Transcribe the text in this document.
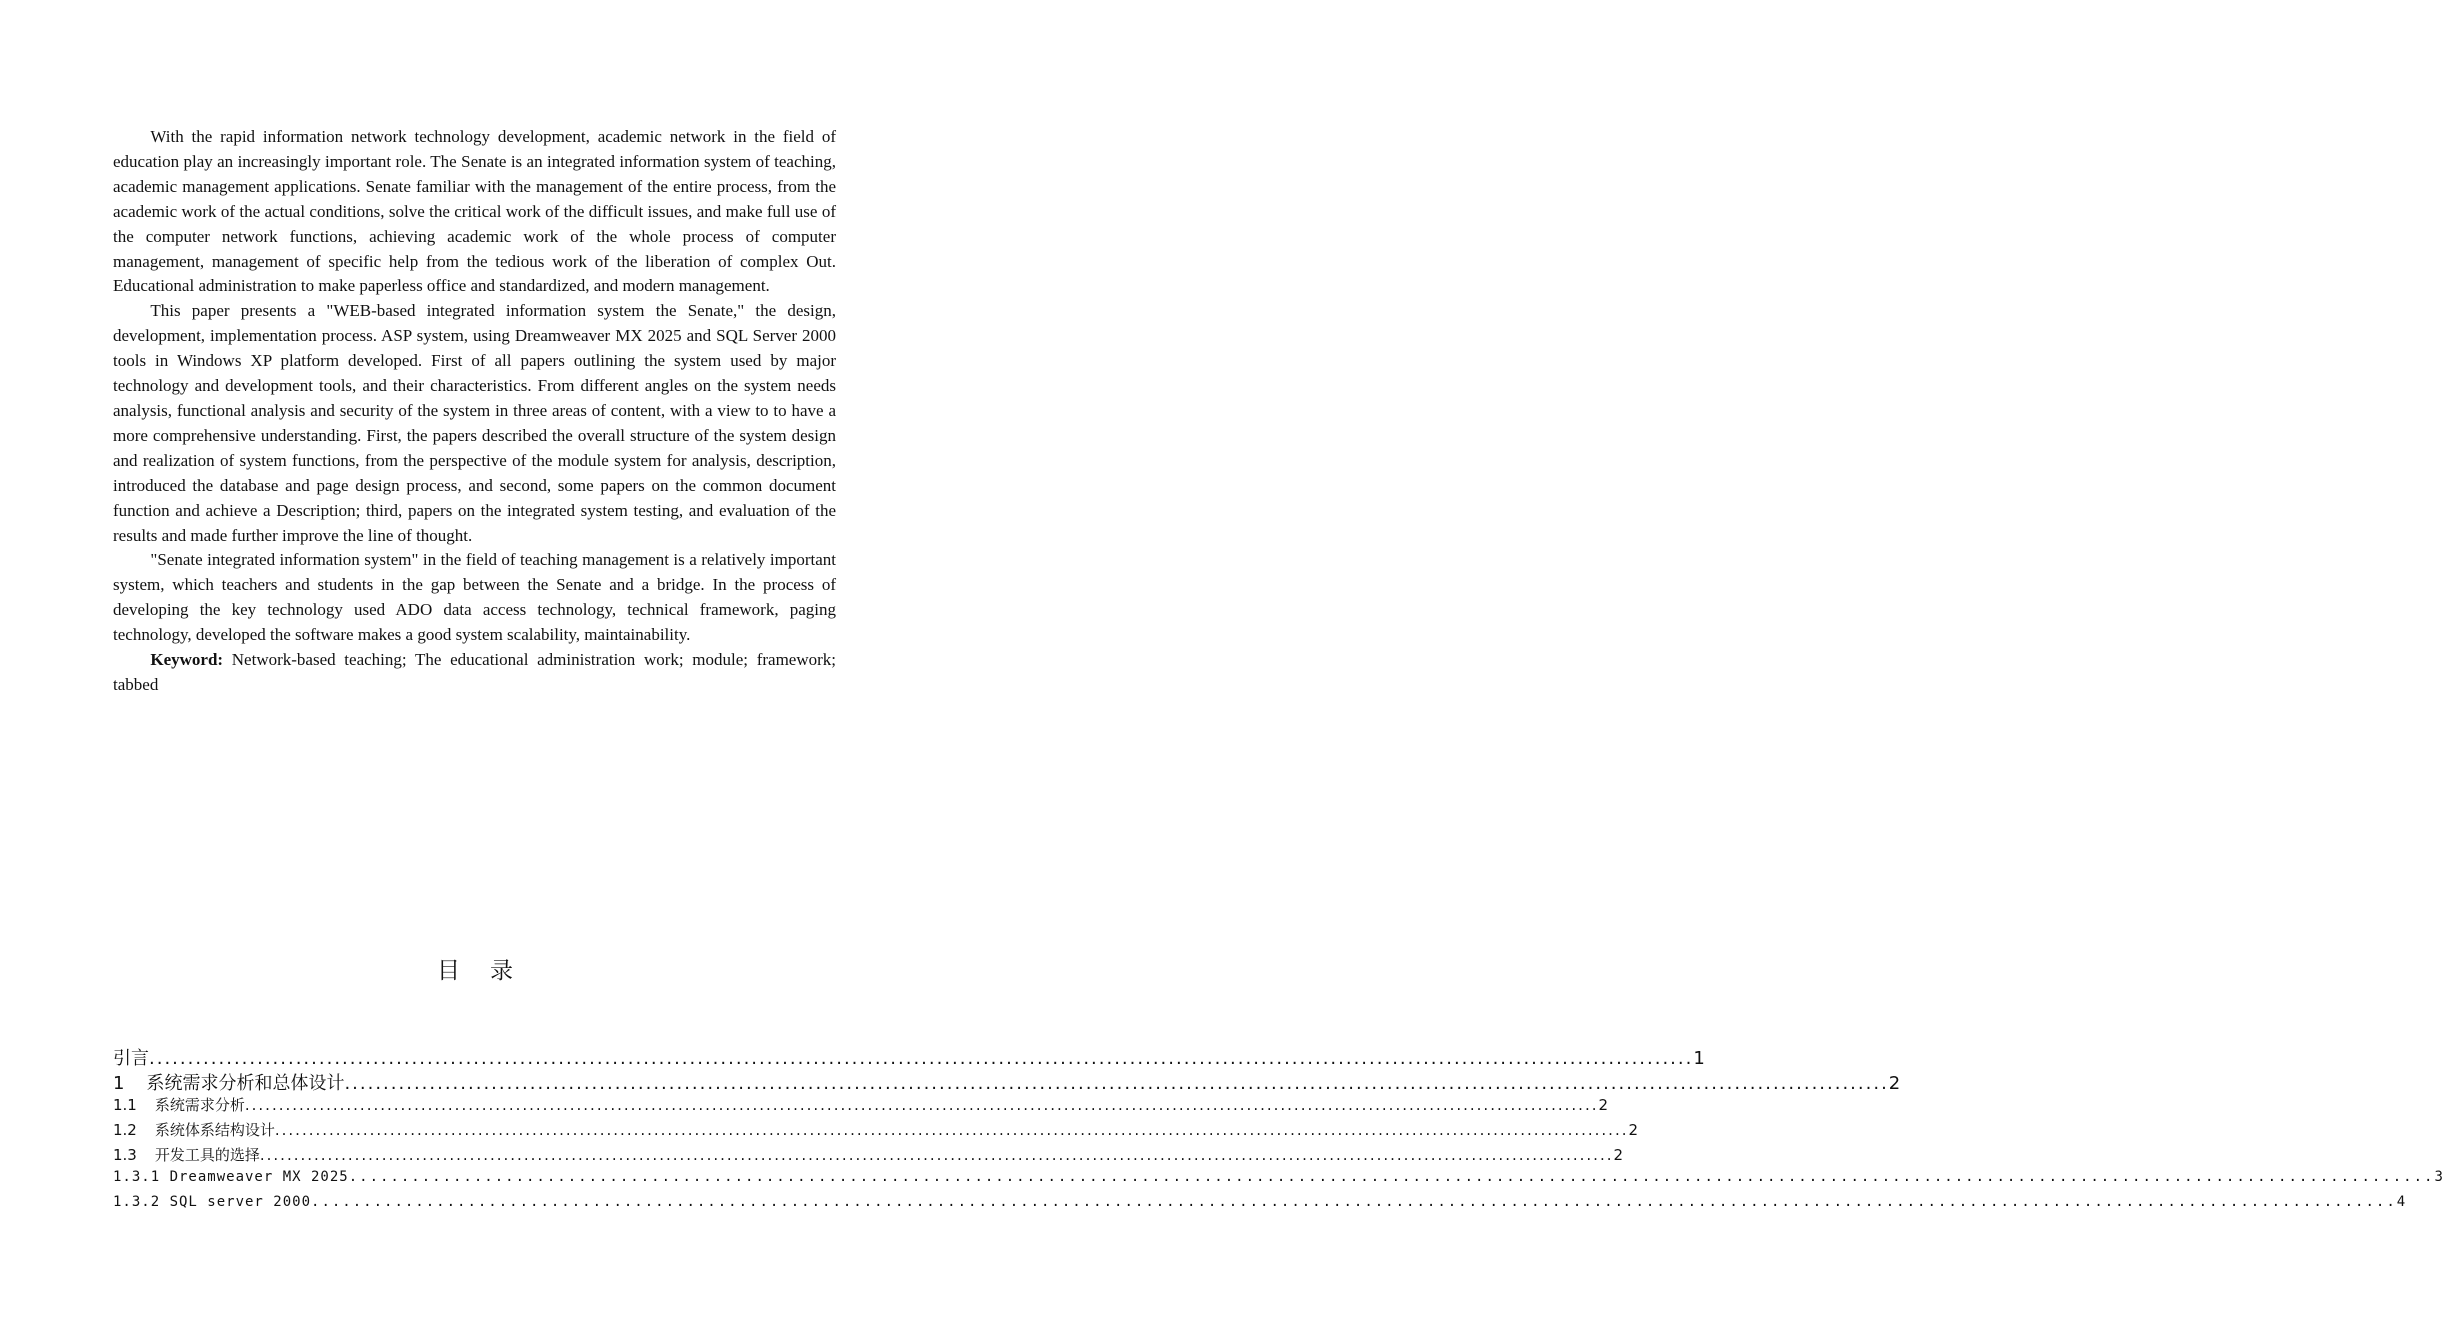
With the rapid information network technology development, academic network in the field of education play an increasingly important role. The Senate is an integrated information system of teaching, academic management applications. Senate familiar with the management of the entire process, from the academic work of the actual conditions, solve the critical work of the difficult issues, and make full use of the computer network functions, achieving academic work of the whole process of computer management, management of specific help from the tedious work of the liberation of complex Out. Educational administration to make paperless office and standardized, and modern management.

This paper presents a "WEB-based integrated information system the Senate," the design, development, implementation process. ASP system, using Dreamweaver MX 2025 and SQL Server 2000 tools in Windows XP platform developed. First of all papers outlining the system used by major technology and development tools, and their characteristics. From different angles on the system needs analysis, functional analysis and security of the system in three areas of content, with a view to to have a more comprehensive understanding. First, the papers described the overall structure of the system design and realization of system functions, from the perspective of the module system for analysis, description, introduced the database and page design process, and second, some papers on the common document function and achieve a Description; third, papers on the integrated system testing, and evaluation of the results and made further improve the line of thought.

"Senate integrated information system" in the field of teaching management is a relatively important system, which teachers and students in the gap between the Senate and a bridge. In the process of developing the key technology used ADO data access technology, technical framework, paging technology, developed the software makes a good system scalability, maintainability.

Keyword: Network-based teaching; The educational administration work; module; framework; tabbed

目录
引言 ........................................................................................................................................................................................................ 1
1 系统需求分析和总体设计 ........................................................................................................................................................................................................ 2
1.1 系统需求分析 ........................................................................................................................................................................................................ 2
1.2 系统体系结构设计 ........................................................................................................................................................................................................ 2
1.3 开发工具的选择 ........................................................................................................................................................................................................ 2
1.3.1 Dreamweaver MX 2025 ........................................................................................................................................................................................................ 3
1.3.2 SQL server 2000 ........................................................................................................................................................................................................ 4
